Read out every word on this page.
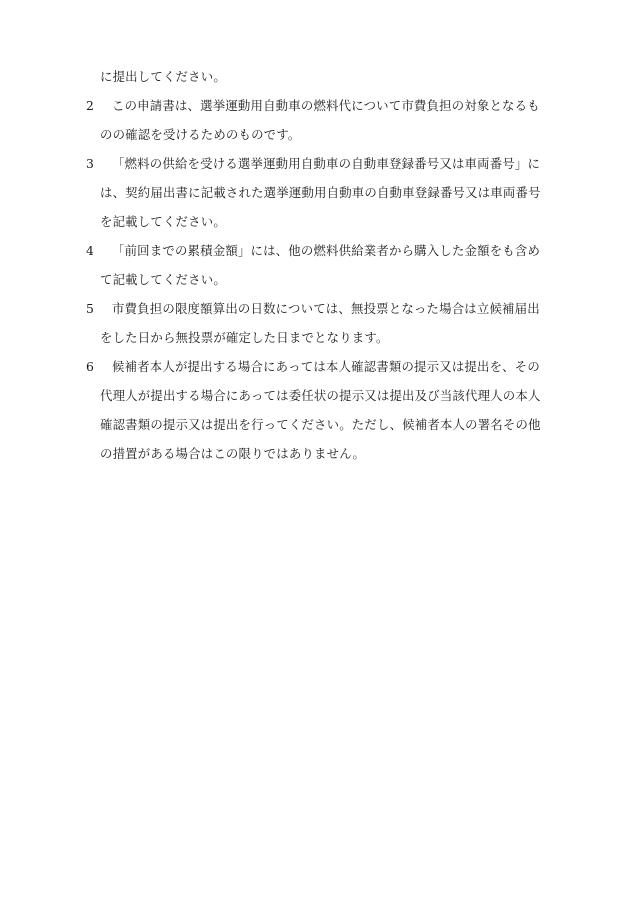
に提出してください。
2	この申請書は、選挙運動用自動車の燃料代について市費負担の対象となるも
のの確認を受けるためのものです。
3	「燃料の供給を受ける選挙運動用自動車の自動車登録番号又は車両番号」に
は、契約届出書に記載された選挙運動用自動車の自動車登録番号又は車両番号
を記載してください。
4	「前回までの累積金額」には、他の燃料供給業者から購入した金額をも含め
て記載してください。
5	市費負担の限度額算出の日数については、無投票となった場合は立候補届出
をした日から無投票が確定した日までとなります。
6	候補者本人が提出する場合にあっては本人確認書類の提示又は提出を、その
代理人が提出する場合にあっては委任状の提示又は提出及び当該代理人の本人
確認書類の提示又は提出を行ってください。ただし、候補者本人の署名その他
の措置がある場合はこの限りではありません。
